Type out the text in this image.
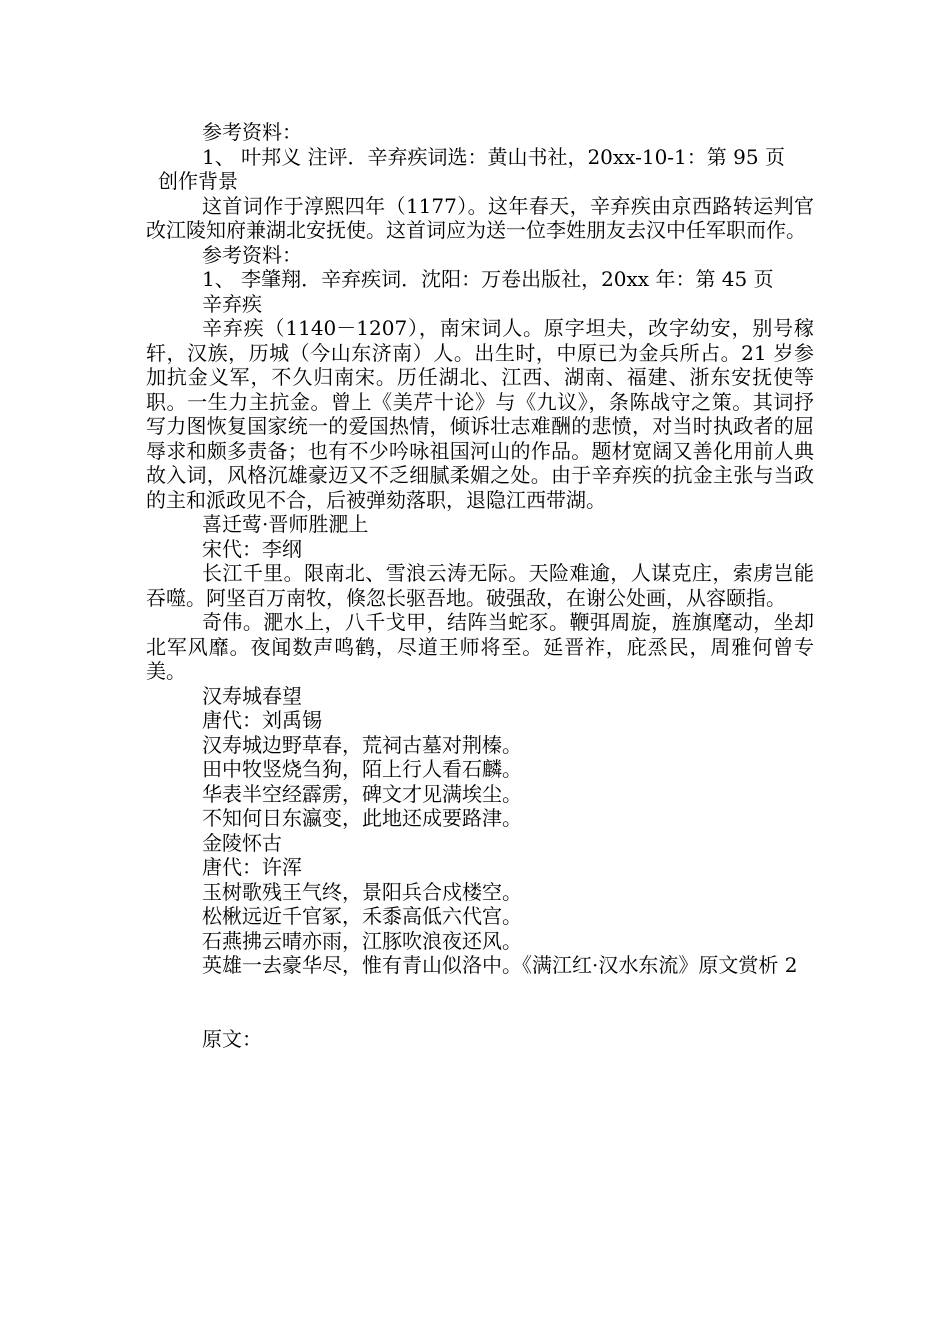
参考资料：

1、 叶邦义 注评．辛弃疾词选：黄山书社，20xx-10-1：第 95 页

创作背景

这首词作于淳熙四年（1177）。这年春天，辛弃疾由京西路转运判官改江陵知府兼湖北安抚使。这首词应为送一位李姓朋友去汉中任军职而作。

参考资料：

1、 李肇翔．辛弃疾词．沈阳：万卷出版社，20xx 年：第 45 页

辛弃疾

辛弃疾（1140－1207），南宋词人。原字坦夫，改字幼安，别号稼轩，汉族，历城（今山东济南）人。出生时，中原已为金兵所占。21 岁参加抗金义军，不久归南宋。历任湖北、江西、湖南、福建、浙东安抚使等职。一生力主抗金。曾上《美芹十论》与《九议》，条陈战守之策。其词抒写力图恢复国家统一的爱国热情，倾诉壮志难酬的悲愤，对当时执政者的屈辱求和颇多责备；也有不少吟咏祖国河山的作品。题材宽阔又善化用前人典故入词，风格沉雄豪迈又不乏细腻柔媚之处。由于辛弃疾的抗金主张与当政的主和派政见不合，后被弹劾落职，退隐江西带湖。

喜迁莺·晋师胜淝上

宋代：李纲

长江千里。限南北、雪浪云涛无际。天险难逾，人谋克庄，索虏岂能吞噬。阿坚百万南牧，倏忽长驱吾地。破强敌，在谢公处画，从容颐指。

奇伟。淝水上，八千戈甲，结阵当蛇豕。鞭弭周旋，旌旗麾动，坐却北军风靡。夜闻数声鸣鹤，尽道王师将至。延晋祚，庇烝民，周雅何曾专美。

汉寿城春望

唐代：刘禹锡

汉寿城边野草春，荒祠古墓对荆榛。

田中牧竖烧刍狗，陌上行人看石麟。

华表半空经霹雳，碑文才见满埃尘。

不知何日东瀛变，此地还成要路津。

金陵怀古

唐代：许浑

玉树歌残王气终，景阳兵合戍楼空。

松楸远近千官冢，禾黍高低六代宫。

石燕拂云晴亦雨，江豚吹浪夜还风。

英雄一去豪华尽，惟有青山似洛中。《满江红·汉水东流》原文赏析 2

原文：
